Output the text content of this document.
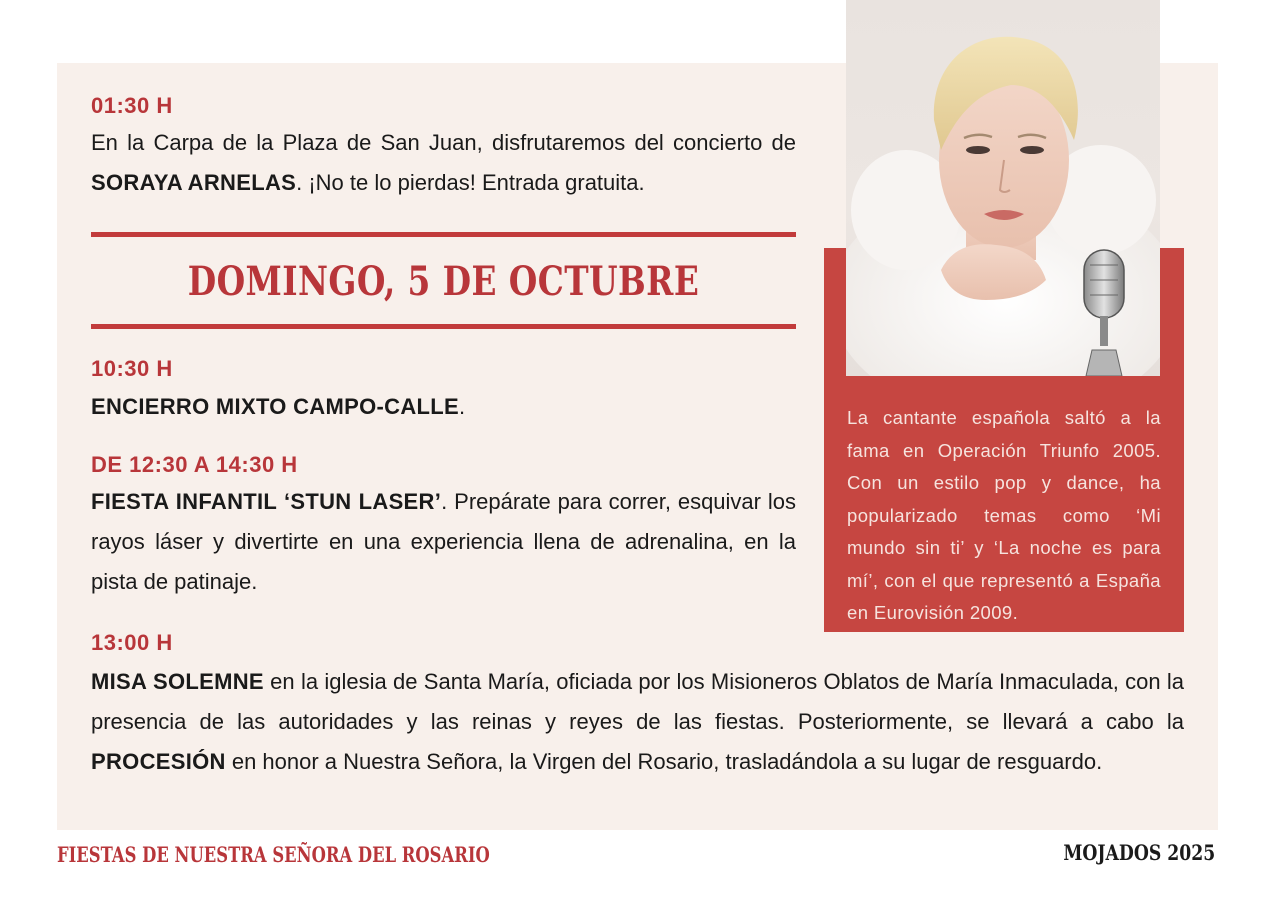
01:30 H
En la Carpa de la Plaza de San Juan, disfrutaremos del concierto de SORAYA ARNELAS. ¡No te lo pierdas! Entrada gratuita.
DOMINGO, 5 DE OCTUBRE
10:30 H
ENCIERRO MIXTO CAMPO-CALLE.
DE 12:30 A 14:30 H
FIESTA INFANTIL ‘STUN LASER’. Prepárate para correr, esquivar los rayos láser y divertirte en una experiencia llena de adrenalina, en la pista de patinaje.
13:00 H
MISA SOLEMNE en la iglesia de Santa María, oficiada por los Misioneros Oblatos de María Inmaculada, con la presencia de las autoridades y las reinas y reyes de las fiestas. Posteriormente, se llevará a cabo la PROCESIÓN en honor a Nuestra Señora, la Virgen del Rosario, trasladándola a su lugar de resguardo.
La cantante española saltó a la fama en Operación Triunfo 2005. Con un estilo pop y dance, ha popularizado temas como ‘Mi mundo sin ti’ y ‘La noche es para mí’, con el que representó a España en Eurovisión 2009.
FIESTAS DE NUESTRA SEÑORA DEL ROSARIO	MOJADOS 2025
